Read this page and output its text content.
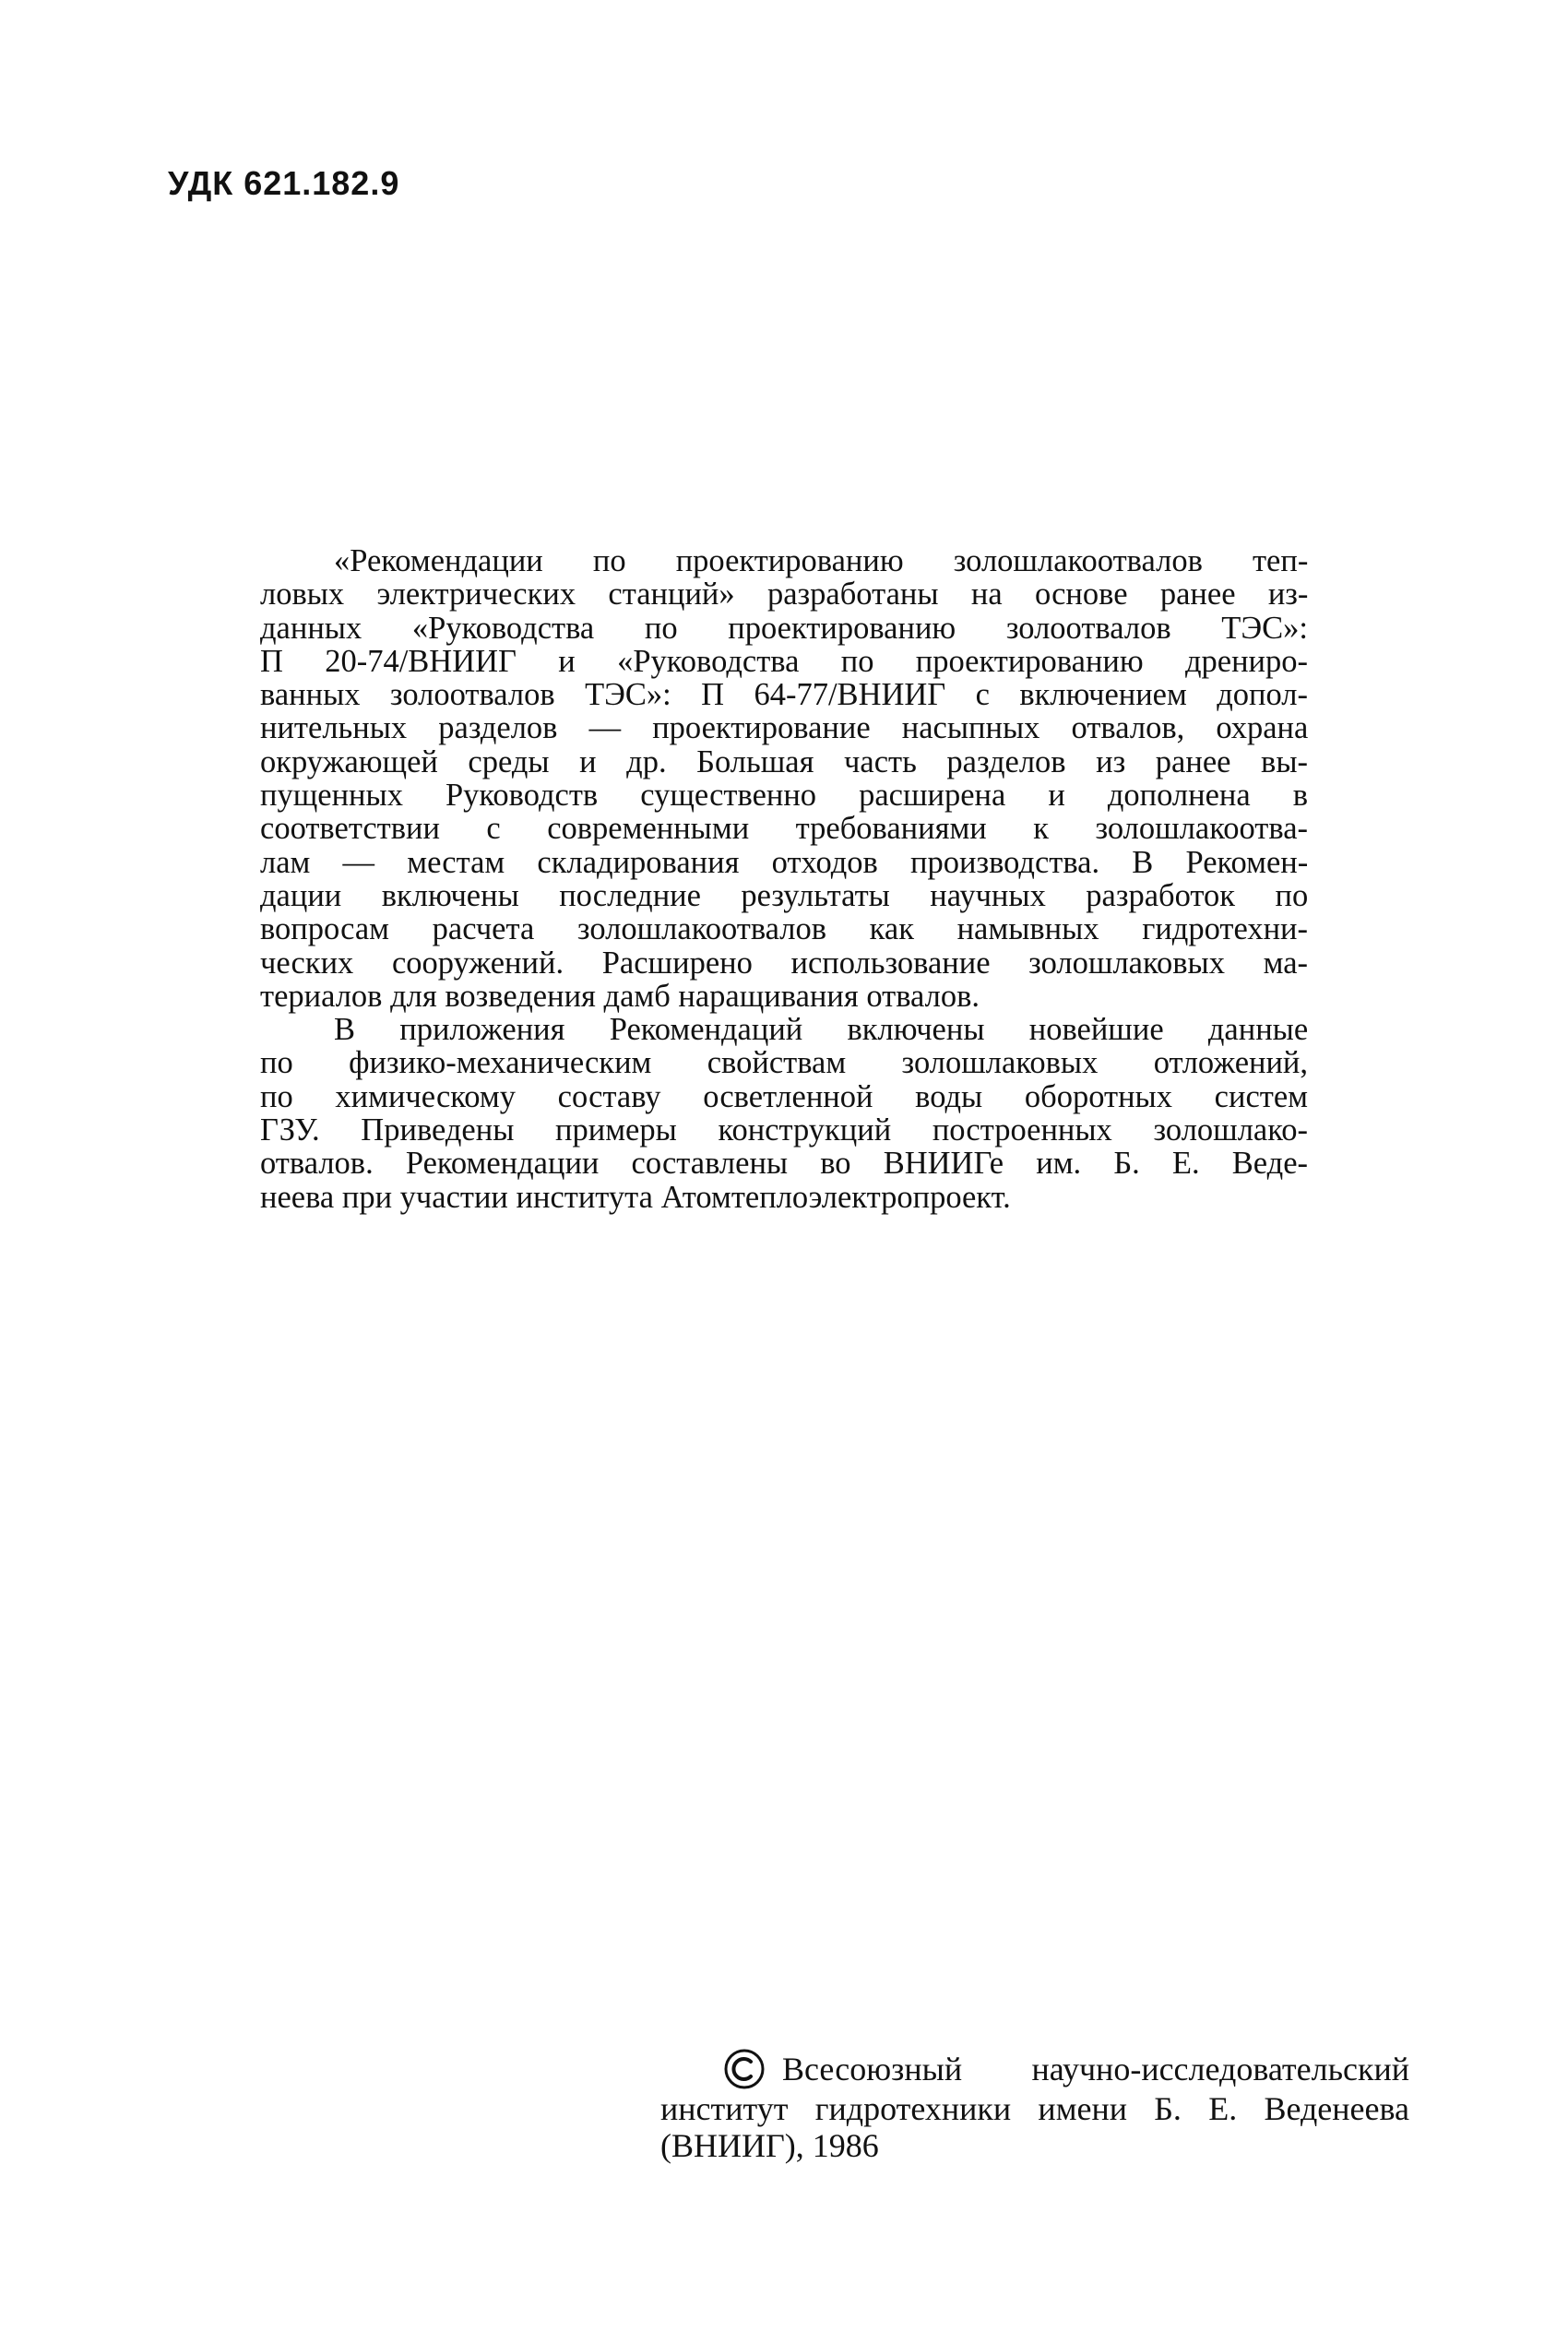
УДК 621.182.9
«Рекомендации по проектированию золошлакоотвалов теп-
ловых электрических станций» разработаны на основе ранее из-
данных «Руководства по проектированию золоотвалов ТЭС»:
П 20-74/ВНИИГ и «Руководства по проектированию дрениро-
ванных золоотвалов ТЭС»: П 64-77/ВНИИГ с включением допол-
нительных разделов — проектирование насыпных отвалов, охрана
окружающей среды и др. Большая часть разделов из ранее вы-
пущенных Руководств существенно расширена и дополнена в
соответствии с современными требованиями к золошлакоотва-
лам — местам складирования отходов производства. В Рекомен-
дации включены последние результаты научных разработок по
вопросам расчета золошлакоотвалов как намывных гидротехни-
ческих сооружений. Расширено использование золошлаковых ма-
териалов для возведения дамб наращивания отвалов.
В приложения Рекомендаций включены новейшие данные
по физико-механическим свойствам золошлаковых отложений,
по химическому составу осветленной воды оборотных систем
ГЗУ. Приведены примеры конструкций построенных золошлако-
отвалов. Рекомендации составлены во ВНИИГе им. Б. Е. Веде-
неева при участии института Атомтеплоэлектропроект.
Всесоюзный научно-исследовательский
институт гидротехники имени Б. Е. Веденеева
(ВНИИГ), 1986
